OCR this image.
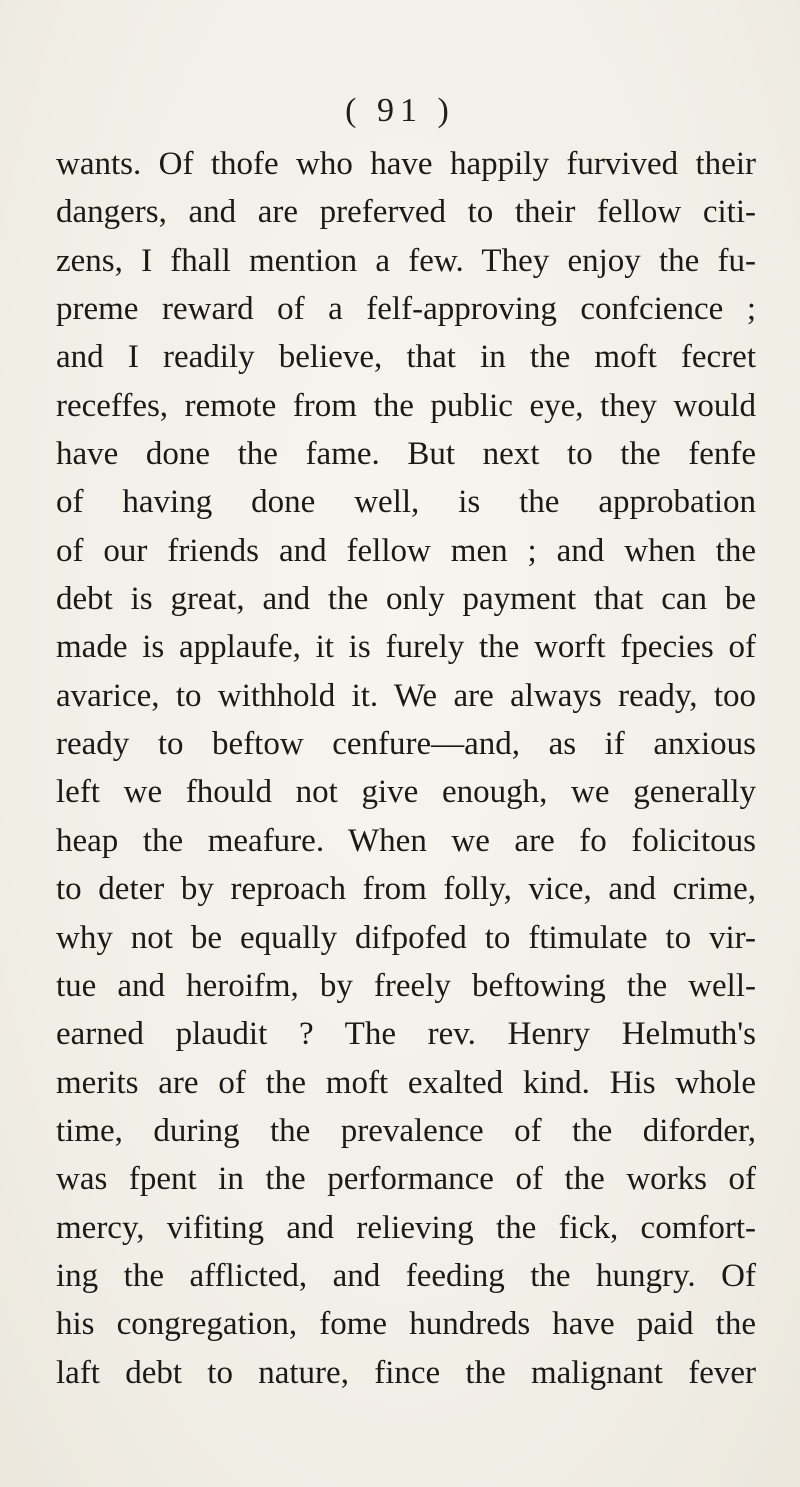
( 91 )
wants. Of thofe who have happily furvived their
dangers, and are preferved to their fellow citi-
zens, I fhall mention a few. They enjoy the fu-
preme reward of a felf-approving confcience ;
and I readily believe, that in the moft fecret
receffes, remote from the public eye, they would
have done the fame. But next to the fenfe
of having done well, is the approbation
of our friends and fellow men ; and when the
debt is great, and the only payment that can be
made is applaufe, it is furely the worft fpecies of
avarice, to withhold it. We are always ready, too
ready to beftow cenfure—and, as if anxious
left we fhould not give enough, we generally
heap the meafure. When we are fo folicitous
to deter by reproach from folly, vice, and crime,
why not be equally difpofed to ftimulate to vir-
tue and heroifm, by freely beftowing the well-
earned plaudit ? The rev. Henry Helmuth's
merits are of the moft exalted kind. His whole
time, during the prevalence of the diforder,
was fpent in the performance of the works of
mercy, vifiting and relieving the fick, comfort-
ing the afflicted, and feeding the hungry. Of
his congregation, fome hundreds have paid the
laft debt to nature, fince the malignant fever
